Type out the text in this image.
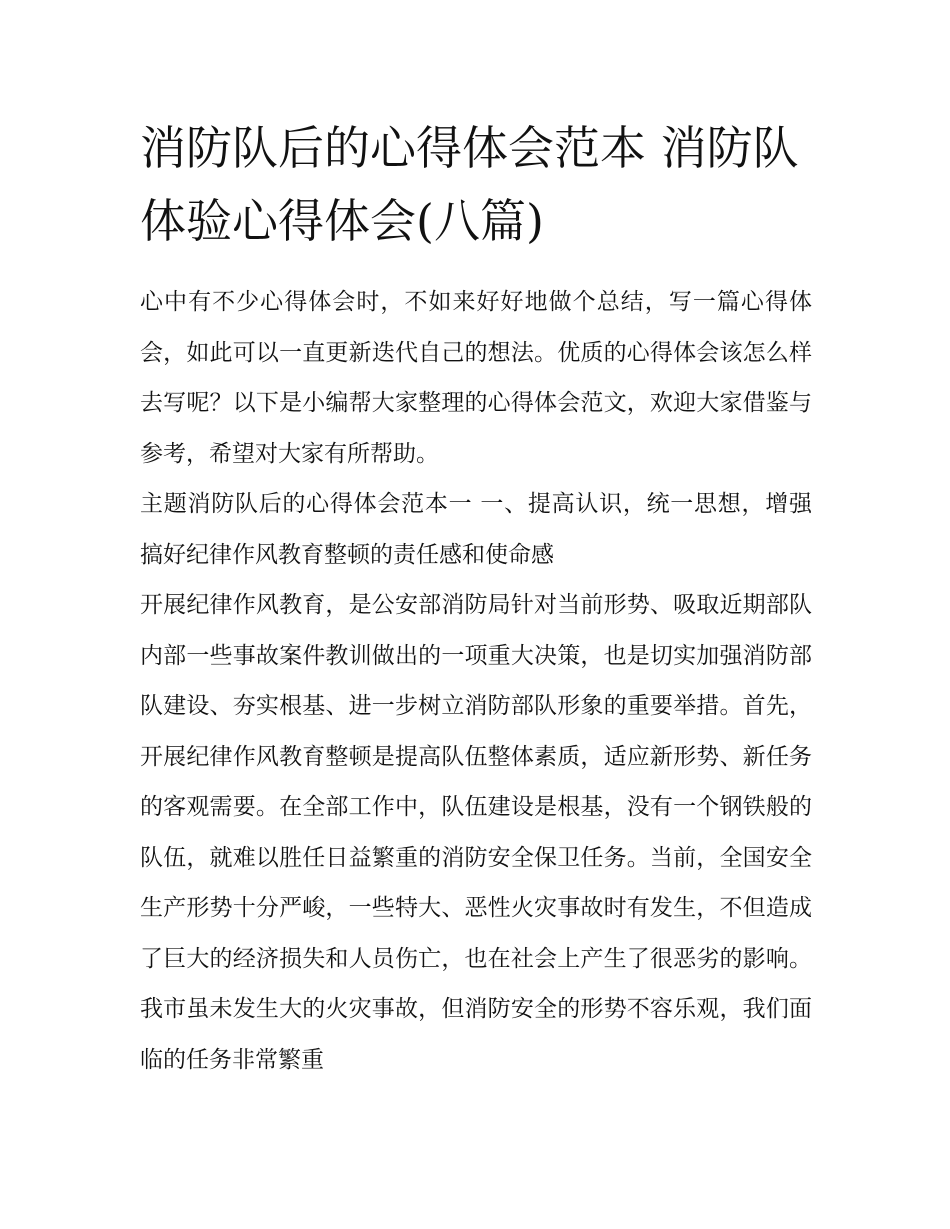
消防队后的心得体会范本 消防队体验心得体会(八篇)

心中有不少心得体会时，不如来好好地做个总结，写一篇心得体会，如此可以一直更新迭代自己的想法。优质的心得体会该怎么样去写呢？以下是小编帮大家整理的心得体会范文，欢迎大家借鉴与参考，希望对大家有所帮助。

主题消防队后的心得体会范本一 一、提高认识，统一思想，增强搞好纪律作风教育整顿的责任感和使命感

开展纪律作风教育，是公安部消防局针对当前形势、吸取近期部队内部一些事故案件教训做出的一项重大决策，也是切实加强消防部队建设、夯实根基、进一步树立消防部队形象的重要举措。首先，开展纪律作风教育整顿是提高队伍整体素质，适应新形势、新任务的客观需要。在全部工作中，队伍建设是根基，没有一个钢铁般的队伍，就难以胜任日益繁重的消防安全保卫任务。当前，全国安全生产形势十分严峻，一些特大、恶性火灾事故时有发生，不但造成了巨大的经济损失和人员伤亡，也在社会上产生了很恶劣的影响。我市虽未发生大的火灾事故，但消防安全的形势不容乐观，我们面临的任务非常繁重
